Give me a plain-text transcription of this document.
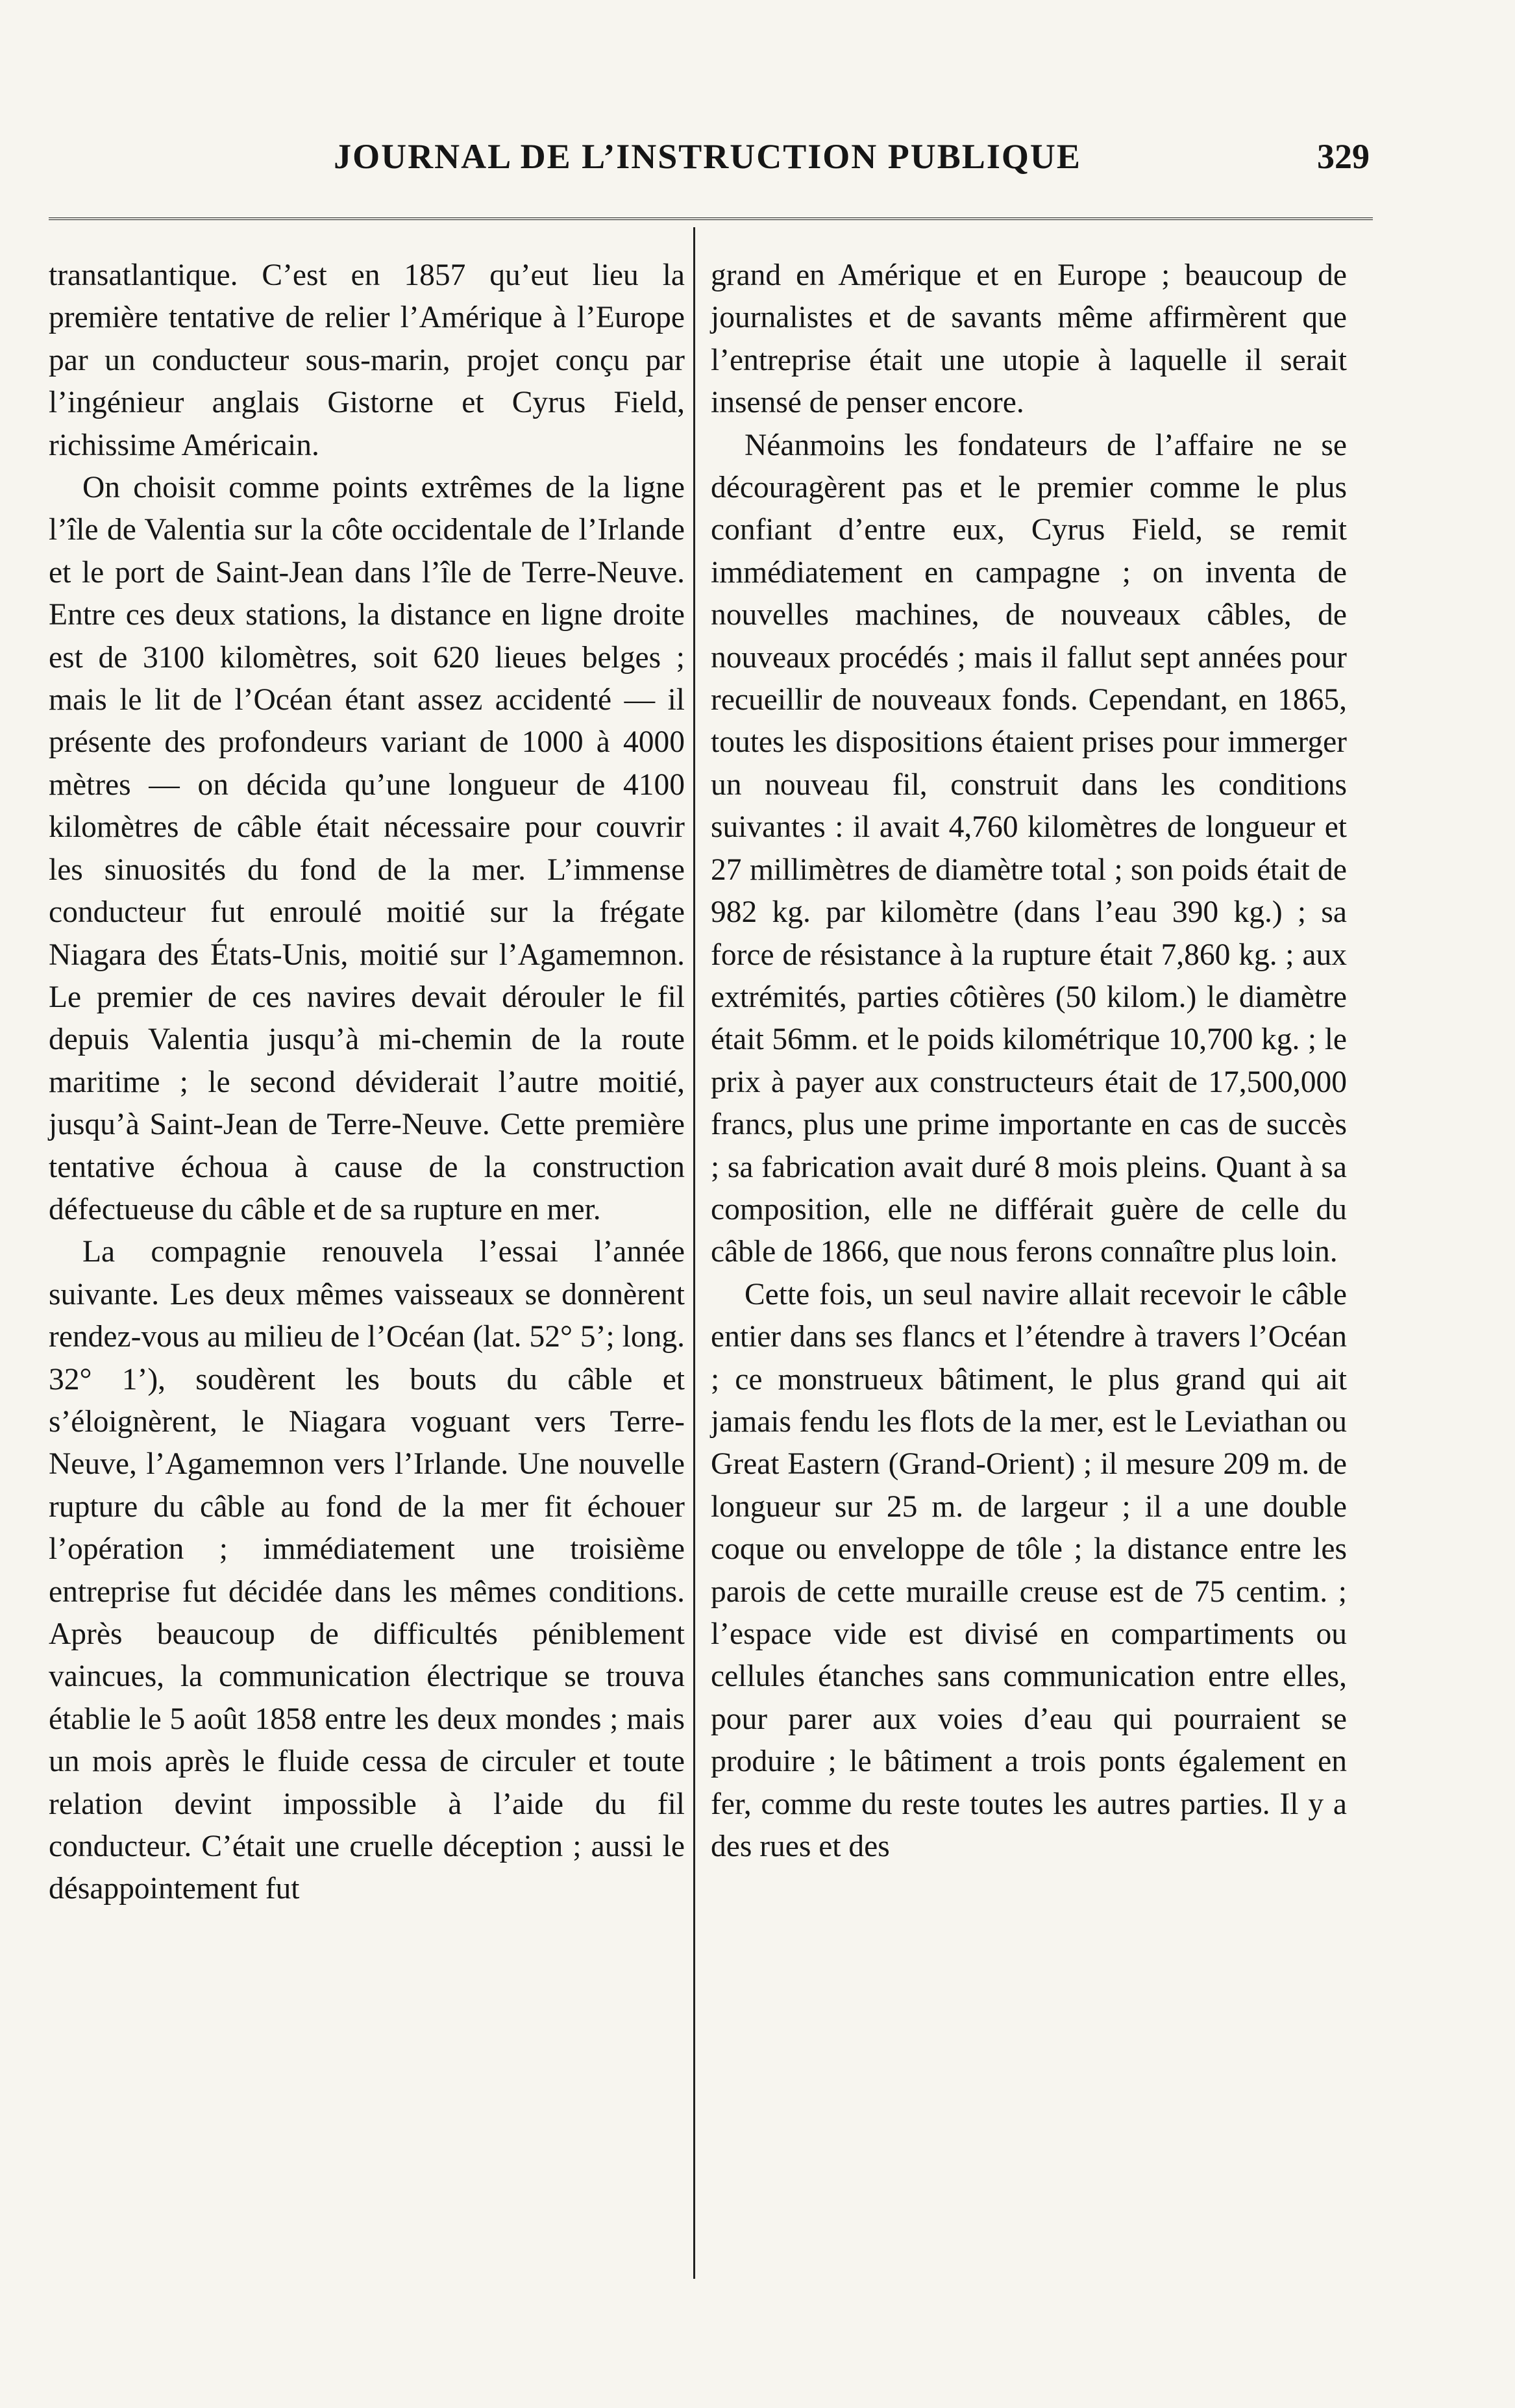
JOURNAL DE L’INSTRUCTION PUBLIQUE	329

transatlantique. C’est en 1857 qu’eut lieu la première tentative de relier l’Amérique à l’Europe par un conducteur sous-marin, projet conçu par l’ingénieur anglais Gistorne et Cyrus Field, richissime Américain.

On choisit comme points extrêmes de la ligne l’île de Valentia sur la côte occidentale de l’Irlande et le port de Saint-Jean dans l’île de Terre-Neuve. Entre ces deux stations, la distance en ligne droite est de 3100 kilomètres, soit 620 lieues belges ; mais le lit de l’Océan étant assez accidenté — il présente des profondeurs variant de 1000 à 4000 mètres — on décida qu’une longueur de 4100 kilomètres de câble était nécessaire pour couvrir les sinuosités du fond de la mer. L’immense conducteur fut enroulé moitié sur la frégate Niagara des États-Unis, moitié sur l’Agamemnon. Le premier de ces navires devait dérouler le fil depuis Valentia jusqu’à mi-chemin de la route maritime ; le second déviderait l’autre moitié, jusqu’à Saint-Jean de Terre-Neuve. Cette première tentative échoua à cause de la construction défectueuse du câble et de sa rupture en mer.

La compagnie renouvela l’essai l’année suivante. Les deux mêmes vaisseaux se donnèrent rendez-vous au milieu de l’Océan (lat. 52° 5’; long. 32° 1’), soudèrent les bouts du câble et s’éloignèrent, le Niagara voguant vers Terre-Neuve, l’Agamemnon vers l’Irlande. Une nouvelle rupture du câble au fond de la mer fit échouer l’opération ; immédiatement une troisième entreprise fut décidée dans les mêmes conditions. Après beaucoup de difficultés péniblement vaincues, la communication électrique se trouva établie le 5 août 1858 entre les deux mondes ; mais un mois après le fluide cessa de circuler et toute relation devint impossible à l’aide du fil conducteur. C’était une cruelle déception ; aussi le désappointement fut

grand en Amérique et en Europe ; beaucoup de journalistes et de savants même affirmèrent que l’entreprise était une utopie à laquelle il serait insensé de penser encore.

Néanmoins les fondateurs de l’affaire ne se découragèrent pas et le premier comme le plus confiant d’entre eux, Cyrus Field, se remit immédiatement en campagne ; on inventa de nouvelles machines, de nouveaux câbles, de nouveaux procédés ; mais il fallut sept années pour recueillir de nouveaux fonds. Cependant, en 1865, toutes les dispositions étaient prises pour immerger un nouveau fil, construit dans les conditions suivantes : il avait 4,760 kilomètres de longueur et 27 millimètres de diamètre total ; son poids était de 982 kg. par kilomètre (dans l’eau 390 kg.) ; sa force de résistance à la rupture était 7,860 kg. ; aux extrémités, parties côtières (50 kilom.) le diamètre était 56mm. et le poids kilométrique 10,700 kg. ; le prix à payer aux constructeurs était de 17,500,000 francs, plus une prime importante en cas de succès ; sa fabrication avait duré 8 mois pleins. Quant à sa composition, elle ne différait guère de celle du câble de 1866, que nous ferons connaître plus loin.

Cette fois, un seul navire allait recevoir le câble entier dans ses flancs et l’étendre à travers l’Océan ; ce monstrueux bâtiment, le plus grand qui ait jamais fendu les flots de la mer, est le Leviathan ou Great Eastern (Grand-Orient) ; il mesure 209 m. de longueur sur 25 m. de largeur ; il a une double coque ou enveloppe de tôle ; la distance entre les parois de cette muraille creuse est de 75 centim. ; l’espace vide est divisé en compartiments ou cellules étanches sans communication entre elles, pour parer aux voies d’eau qui pourraient se produire ; le bâtiment a trois ponts également en fer, comme du reste toutes les autres parties. Il y a des rues et des
